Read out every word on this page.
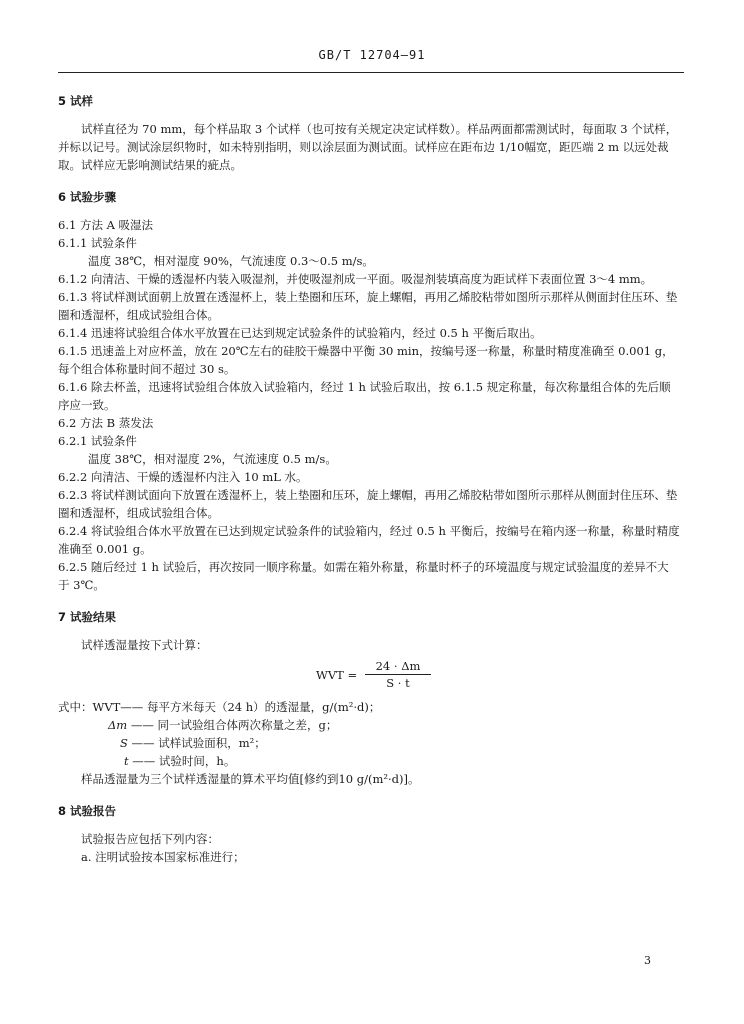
GB/T 12704—91

5 试样

试样直径为 70 mm，每个样品取 3 个试样（也可按有关规定决定试样数）。样品两面都需测试时，每面取 3 个试样，并标以记号。测试涂层织物时，如未特别指明，则以涂层面为测试面。试样应在距布边 1/10幅宽，距匹端 2 m 以远处裁取。试样应无影响测试结果的疵点。

6 试验步骤

6.1 方法 A 吸湿法

6.1.1 试验条件

温度 38℃，相对湿度 90%，气流速度 0.3～0.5 m/s。

6.1.2 向清洁、干燥的透湿杯内装入吸湿剂，并使吸湿剂成一平面。吸湿剂装填高度为距试样下表面位置 3～4 mm。

6.1.3 将试样测试面朝上放置在透湿杯上，装上垫圈和压环，旋上螺帽，再用乙烯胶粘带如图所示那样从侧面封住压环、垫圈和透湿杯，组成试验组合体。

6.1.4 迅速将试验组合体水平放置在已达到规定试验条件的试验箱内，经过 0.5 h 平衡后取出。

6.1.5 迅速盖上对应杯盖，放在 20℃左右的硅胶干燥器中平衡 30 min，按编号逐一称量，称量时精度准确至 0.001 g，每个组合体称量时间不超过 30 s。

6.1.6 除去杯盖，迅速将试验组合体放入试验箱内，经过 1 h 试验后取出，按 6.1.5 规定称量，每次称量组合体的先后顺序应一致。

6.2 方法 B 蒸发法

6.2.1 试验条件

温度 38℃，相对湿度 2%，气流速度 0.5 m/s。

6.2.2 向清洁、干燥的透湿杯内注入 10 mL 水。

6.2.3 将试样测试面向下放置在透湿杯上，装上垫圈和压环，旋上螺帽，再用乙烯胶粘带如图所示那样从侧面封住压环、垫圈和透湿杯，组成试验组合体。

6.2.4 将试验组合体水平放置在已达到规定试验条件的试验箱内，经过 0.5 h 平衡后，按编号在箱内逐一称量，称量时精度准确至 0.001 g。

6.2.5 随后经过 1 h 试验后，再次按同一顺序称量。如需在箱外称量，称量时杯子的环境温度与规定试验温度的差异不大于 3℃。

7 试验结果

试样透湿量按下式计算：

WVT = $\frac{24 \cdot \Delta m}{S \cdot t}$
式中：WVT—— 每平方米每天（24 h）的透湿量，g/(m²·d)；
Δm —— 同一试验组合体两次称量之差，g；
S —— 试样试验面积，m²；
t —— 试验时间，h。

样品透湿量为三个试样透湿量的算术平均值[修约到10 g/(m²·d)]。

8 试验报告

试验报告应包括下列内容：

a. 注明试验按本国家标准进行；

3
